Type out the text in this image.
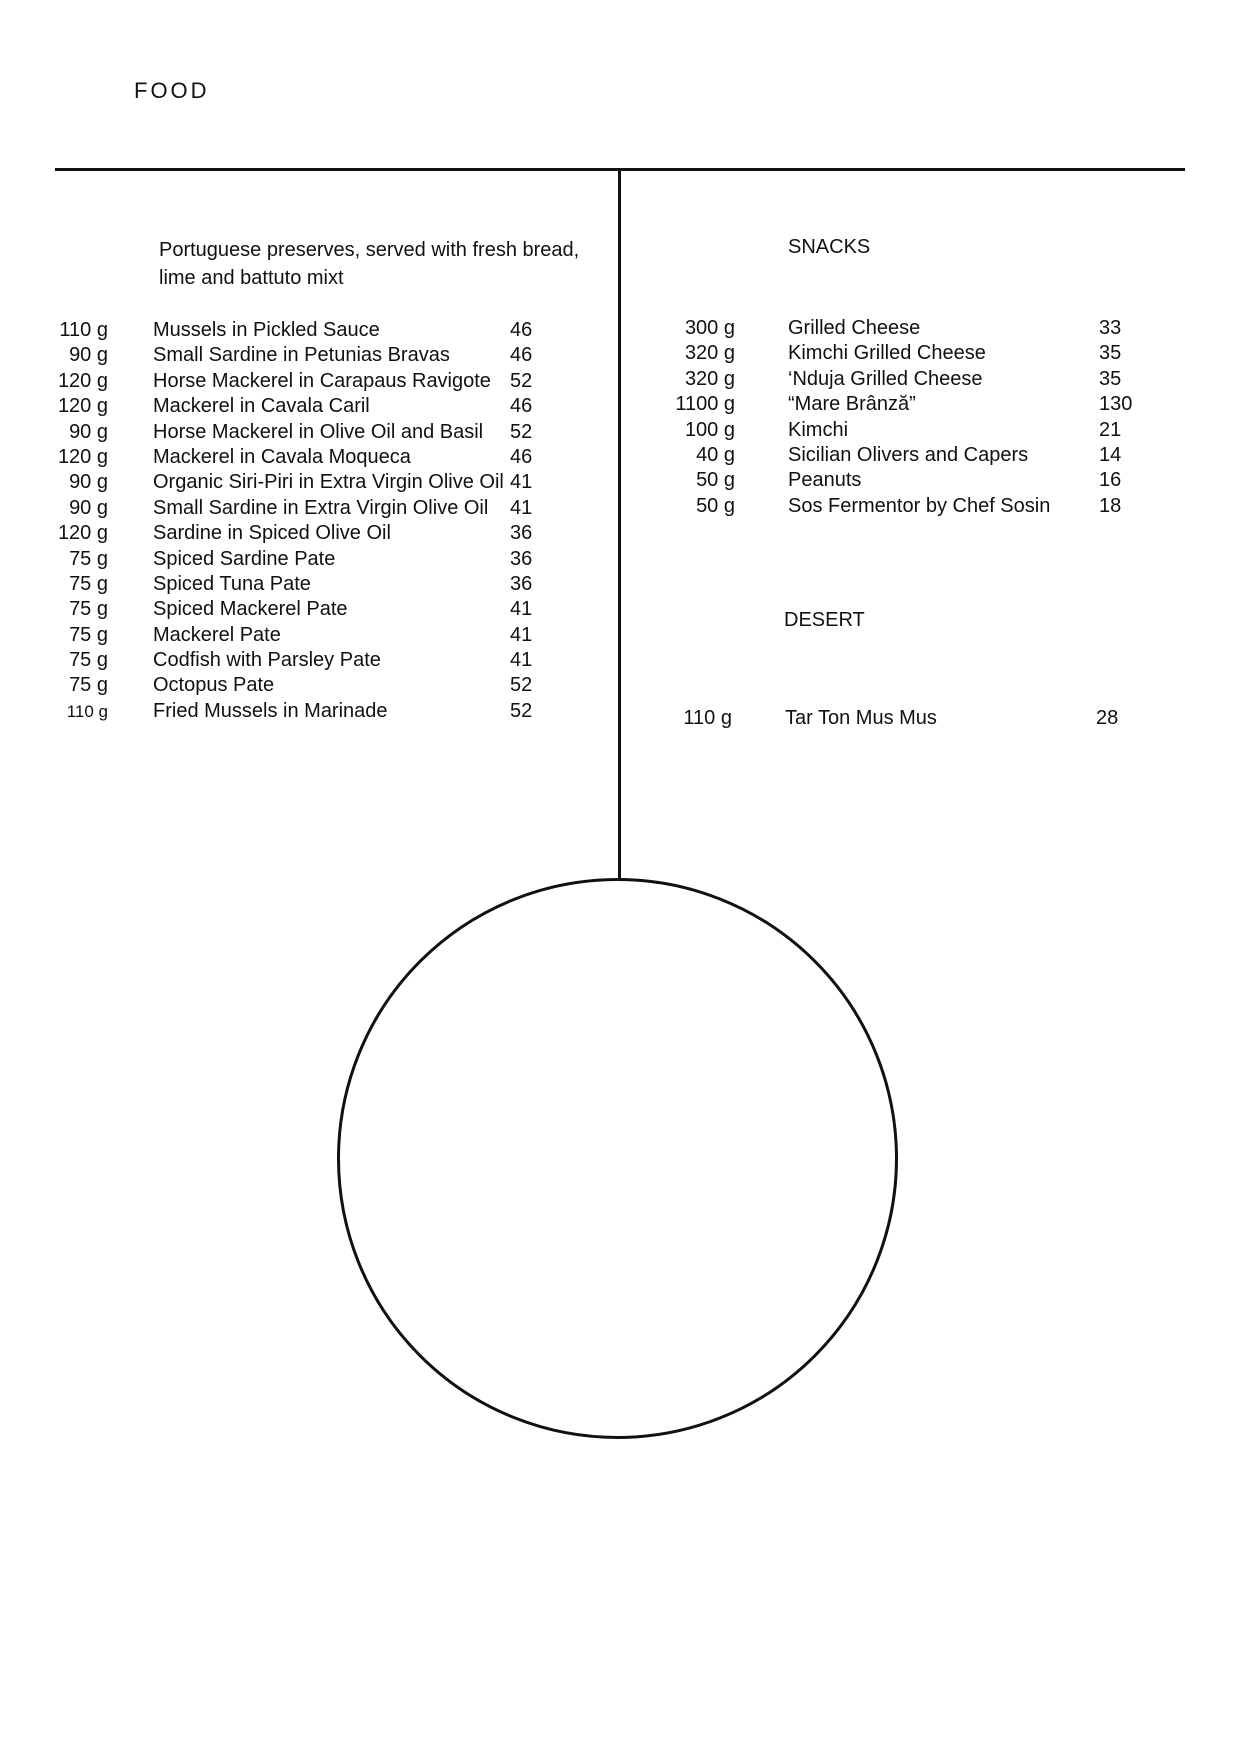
FOOD
Portuguese preserves, served with fresh bread, lime and battuto mixt
110 g Mussels in Pickled Sauce	46
90 g Small Sardine in Petunias Bravas	46
120 g Horse Mackerel in Carapaus Ravigote 52
120 g Mackerel in Cavala Caril	46
90 g Horse Mackerel in Olive Oil and Basil 52
120 g Mackerel in Cavala Moqueca	46
90 g Organic Siri-Piri in Extra Virgin Olive Oil 41
90 g Small Sardine in Extra Virgin Olive Oil 41
120 g Sardine in Spiced Olive Oil	36
75 g Spiced Sardine Pate	36
75 g Spiced Tuna Pate	36
75 g Spiced Mackerel Pate	41
75 g Mackerel Pate	41
75 g Codfish with Parsley Pate	41
75 g Octopus Pate	52
110 g Fried Mussels in Marinade	52
SNACKS
300 g	Grilled Cheese	33
320 g	Kimchi Grilled Cheese	35
320 g	‘Nduja Grilled Cheese	35
1100 g	“Mare Brânză”	130
100 g	Kimchi	21
40 g	Sicilian Olivers and Capers	14
50 g	Peanuts	16
50 g	Sos Fermentor by Chef Sosin 18
DESERT
110 g	Tar Ton Mus Mus	28
